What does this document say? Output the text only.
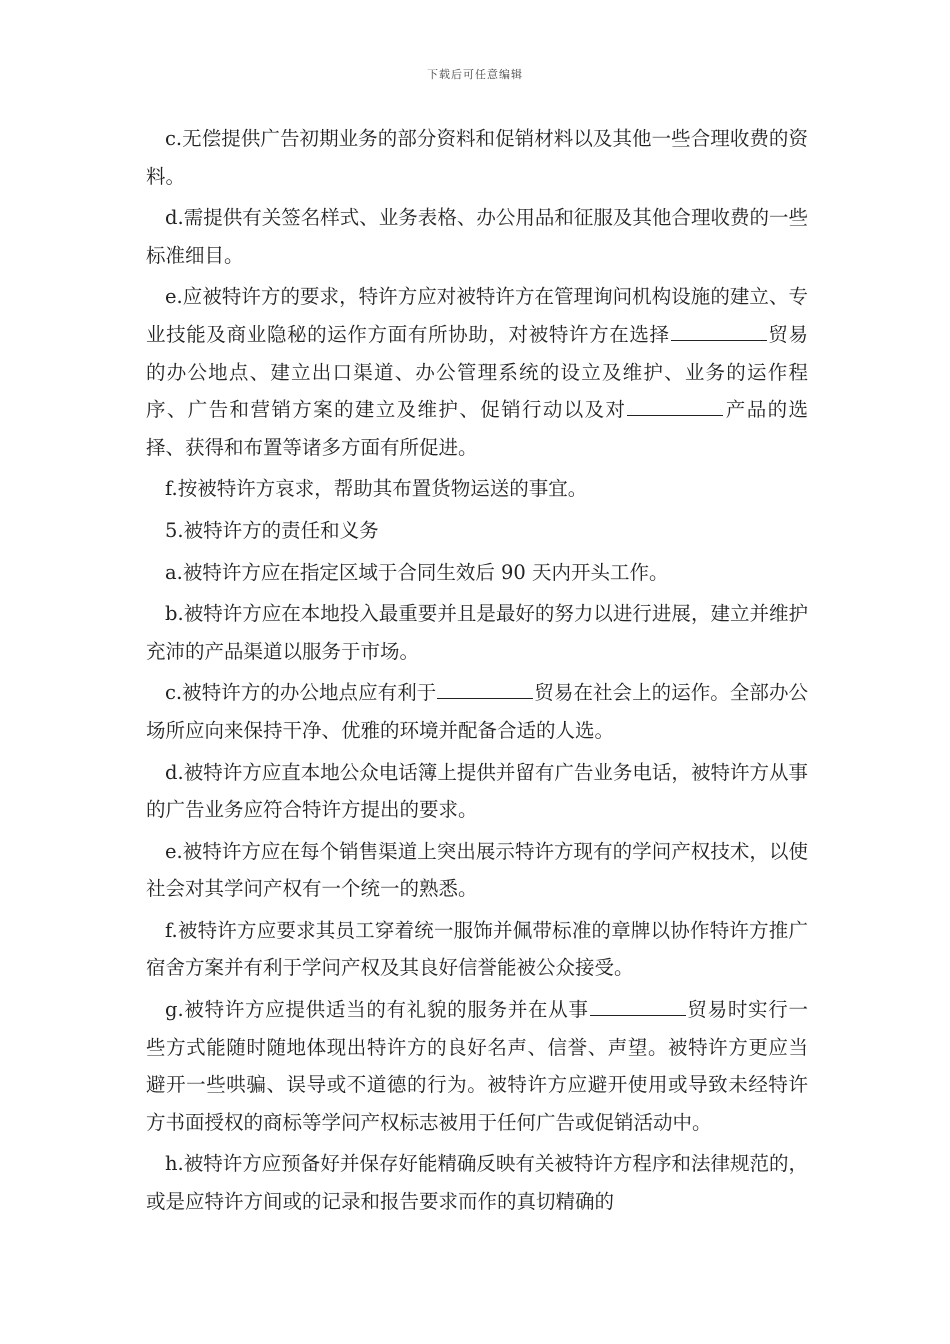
下载后可任意编辑

c.无偿提供广告初期业务的部分资料和促销材料以及其他一些合理收费的资料。

d.需提供有关签名样式、业务表格、办公用品和征服及其他合理收费的一些标准细目。

e.应被特许方的要求，特许方应对被特许方在管理询问机构设施的建立、专业技能及商业隐秘的运作方面有所协助，对被特许方在选择	贸易的办公地点、建立出口渠道、办公管理系统的设立及维护、业务的运作程序、广告和营销方案的建立及维护、促销行动以及对	产品的选择、获得和布置等诸多方面有所促进。

f.按被特许方哀求，帮助其布置货物运送的事宜。

5.被特许方的责任和义务

a.被特许方应在指定区域于合同生效后 90 天内开头工作。

b.被特许方应在本地投入最重要并且是最好的努力以进行进展，建立并维护充沛的产品渠道以服务于市场。

c.被特许方的办公地点应有利于	贸易在社会上的运作。全部办公场所应向来保持干净、优雅的环境并配备合适的人选。

d.被特许方应直本地公众电话簿上提供并留有广告业务电话，被特许方从事的广告业务应符合特许方提出的要求。

e.被特许方应在每个销售渠道上突出展示特许方现有的学问产权技术，以使社会对其学问产权有一个统一的熟悉。

f.被特许方应要求其员工穿着统一服饰并佩带标准的章牌以协作特许方推广宿舍方案并有利于学问产权及其良好信誉能被公众接受。

g.被特许方应提供适当的有礼貌的服务并在从事	贸易时实行一些方式能随时随地体现出特许方的良好名声、信誉、声望。被特许方更应当避开一些哄骗、误导或不道德的行为。被特许方应避开使用或导致未经特许方书面授权的商标等学问产权标志被用于任何广告或促销活动中。

h.被特许方应预备好并保存好能精确反映有关被特许方程序和法律规范的，或是应特许方间或的记录和报告要求而作的真切精确的
